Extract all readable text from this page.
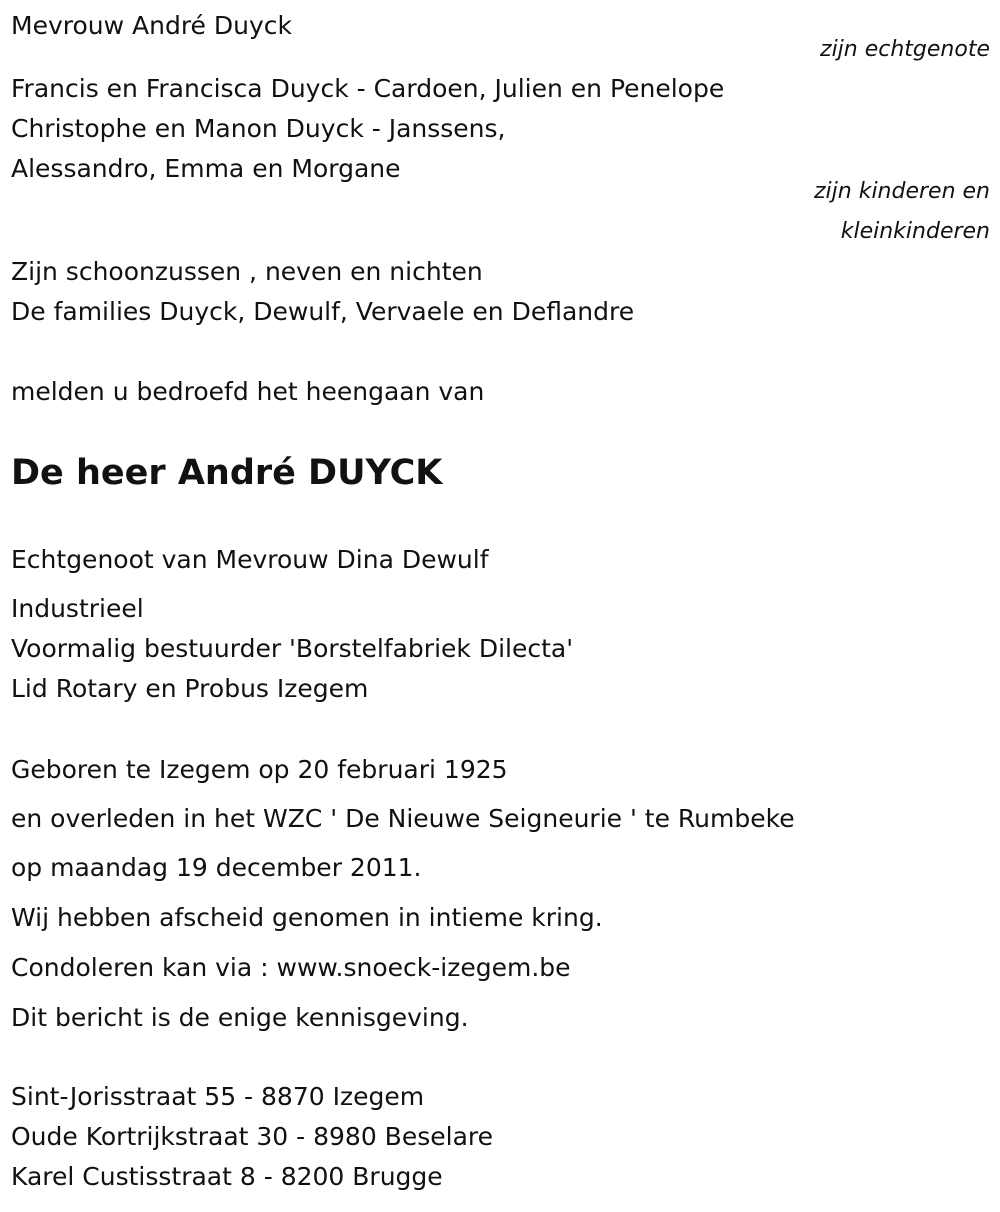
Mevrouw André Duyck

zijn echtgenote

Francis en Francisca Duyck - Cardoen, Julien en Penelope

Christophe en Manon Duyck - Janssens,

Alessandro, Emma en Morgane

zijn kinderen en

kleinkinderen

Zijn schoonzussen , neven en nichten

De families Duyck, Dewulf, Vervaele en Deflandre

melden u bedroefd het heengaan van

De heer André DUYCK

Echtgenoot van Mevrouw Dina Dewulf

Industrieel

Voormalig bestuurder 'Borstelfabriek Dilecta'

Lid Rotary en Probus Izegem

Geboren te Izegem op 20 februari 1925

en overleden in het WZC ' De Nieuwe Seigneurie ' te Rumbeke

op maandag 19 december 2011.

Wij hebben afscheid genomen in intieme kring.

Condoleren kan via : www.snoeck-izegem.be

Dit bericht is de enige kennisgeving.

Sint-Jorisstraat 55 - 8870 Izegem

Oude Kortrijkstraat 30 - 8980 Beselare

Karel Custisstraat 8 - 8200 Brugge
